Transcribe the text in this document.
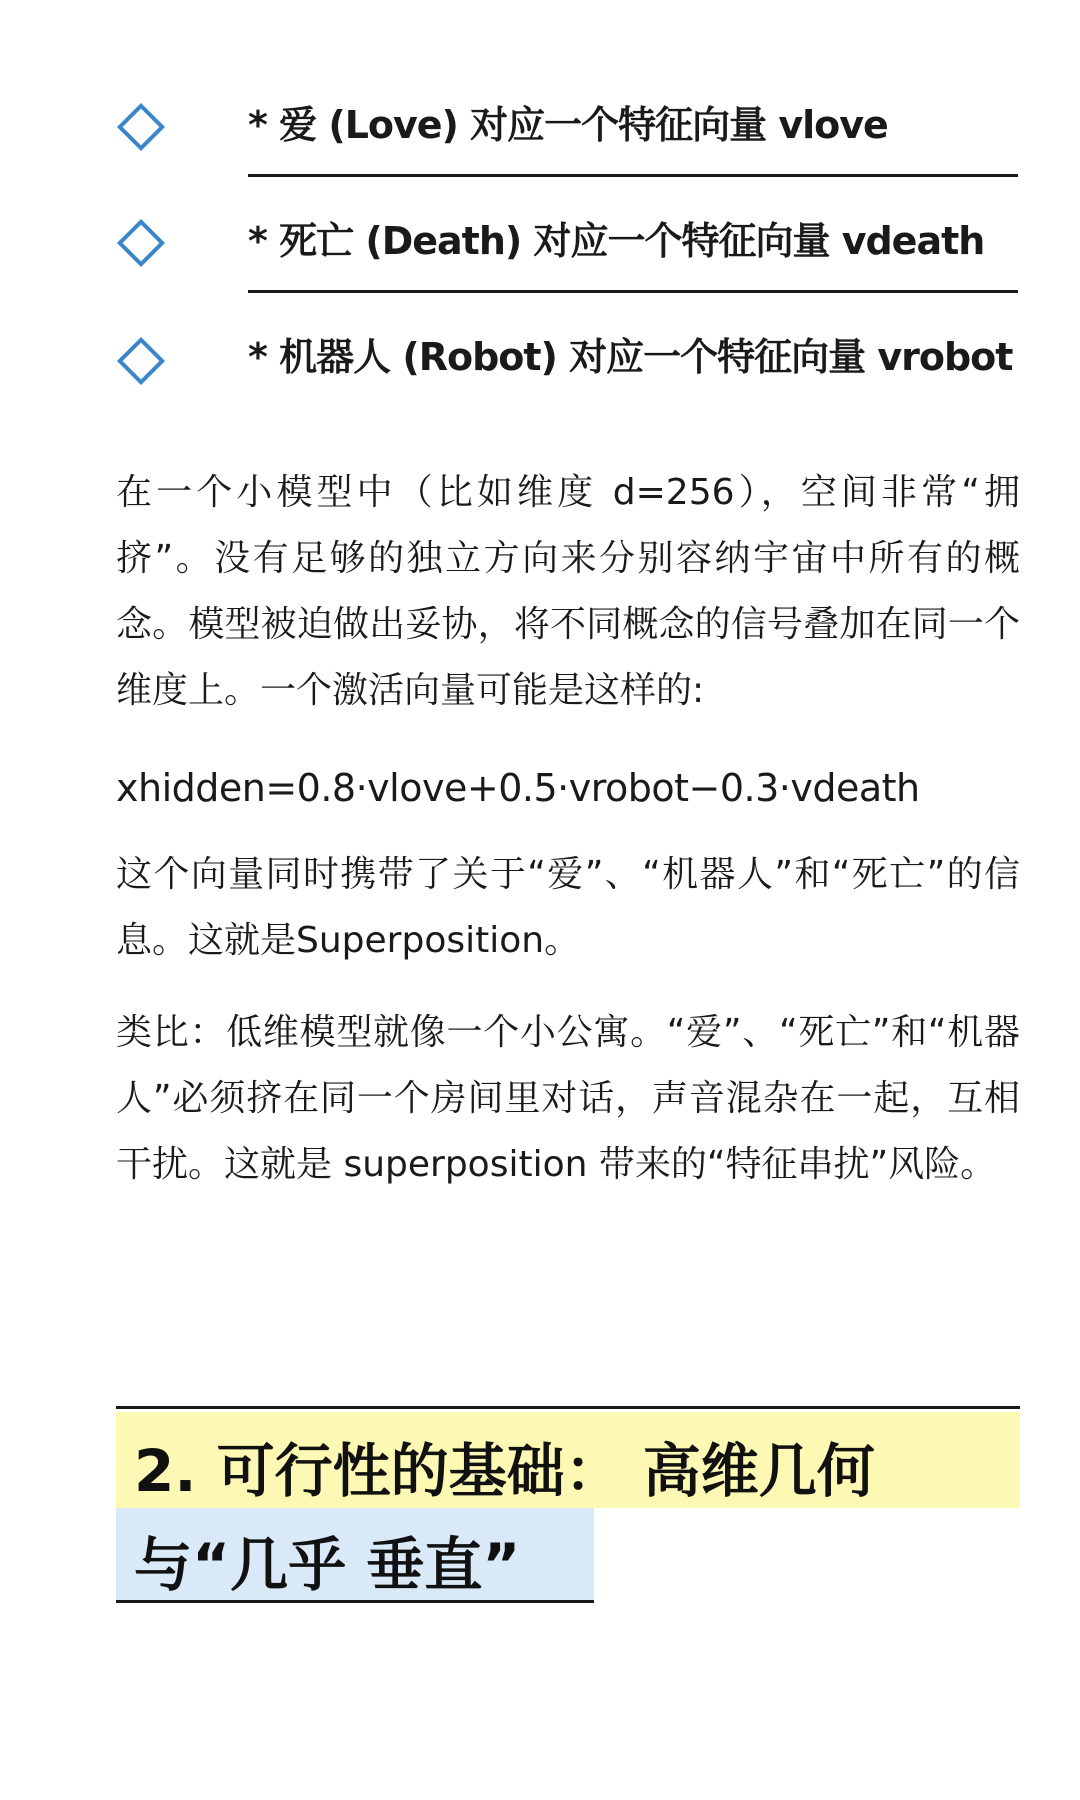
* 爱 (Love) 对应一个特征向量 vlove
* 死亡 (Death) 对应一个特征向量 vdeath
* 机器人 (Robot) 对应一个特征向量 vrobot
在一个小模型中（比如维度 d=256），空间非常“拥挤”。没有足够的独立方向来分别容纳宇宙中所有的概念。模型被迫做出妥协，将不同概念的信号叠加在同一个维度上。一个激活向量可能是这样的:
xhidden=0.8·vlove+0.5·vrobot−0.3·vdeath
这个向量同时携带了关于“爱”、“机器人”和“死亡”的信息。这就是Superposition。
类比：低维模型就像一个小公寓。“爱”、“死亡”和“机器人”必须挤在同一个房间里对话，声音混杂在一起，互相干扰。这就是 superposition 带来的“特征串扰”风险。
2. 可行性的基础： 高维几何
与“几乎 垂直”
